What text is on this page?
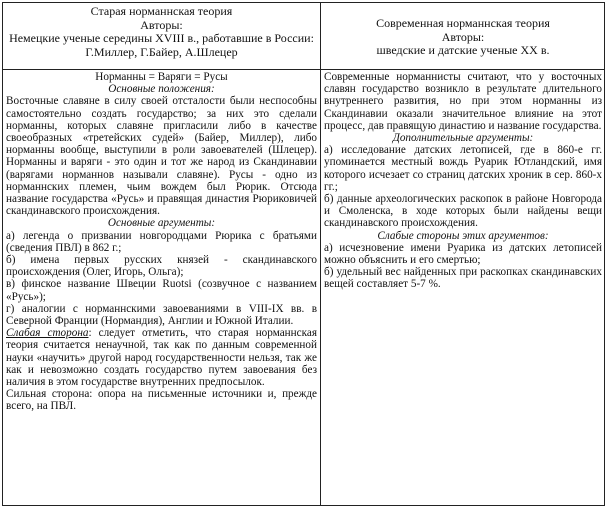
Старая норманнская теория
Авторы:
Немецкие ученые середины XVIII в., работавшие в России: Г.Миллер, Г.Байер, А.Шлецер
Современная норманнская теория
Авторы:
шведские и датские ученые XX в.

Норманны = Варяги = Русы

Основные положения:

Восточные славяне в силу своей отсталости были неспособны самостоятельно создать государство; за них это сделали норманны, которых славяне пригласили либо в качестве своеобразных «третейских судей» (Байер, Миллер), либо норманны вообще, выступили в роли завоевателей (Шлецер). Норманны и варяги - это один и тот же народ из Скандинавии (варягами норманнов называли славяне). Русы - одно из норманнских племен, чьим вождем был Рюрик. Отсюда название государства «Русь» и правящая династия Рюриковичей скандинавского происхождения.

Основные аргументы:

а) легенда о призвании новгородцами Рюрика с братьями (сведения ПВЛ) в 862 г.;

б) имена первых русских князей - скандинавского происхождения (Олег, Игорь, Ольга);

в) финское название Швеции Ruotsi (созвучное с названием «Русь»);

г) аналогии с норманнскими завоеваниями в VIII-IX вв. в Северной Франции (Нормандия), Англии и Южной Италии.

Слабая сторона: следует отметить, что старая норманнская теория считается ненаучной, так как по данным современной науки «научить» другой народ государственности нельзя, так же как и невозможно создать государство путем завоевания без наличия в этом государстве внутренних предпосылок.

Сильная сторона: опора на письменные источники и, прежде всего, на ПВЛ.

Современные норманнисты считают, что у восточных славян государство возникло в результате длительного внутреннего развития, но при этом норманны из Скандинавии оказали значительное влияние на этот процесс, дав правящую династию и название государства.

Дополнительные аргументы:

а) исследование датских летописей, где в 860-е гг. упоминается местный вождь Руарик Ютландский, имя которого исчезает со страниц датских хроник в сер. 860-х гг.;

б) данные археологических раскопок в районе Новгорода и Смоленска, в ходе которых были найдены вещи скандинавского происхождения.

Слабые стороны этих аргументов:

а) исчезновение имени Руарика из датских летописей можно объяснить и его смертью;

б) удельный вес найденных при раскопках скандинавских вещей составляет 5-7 %.
